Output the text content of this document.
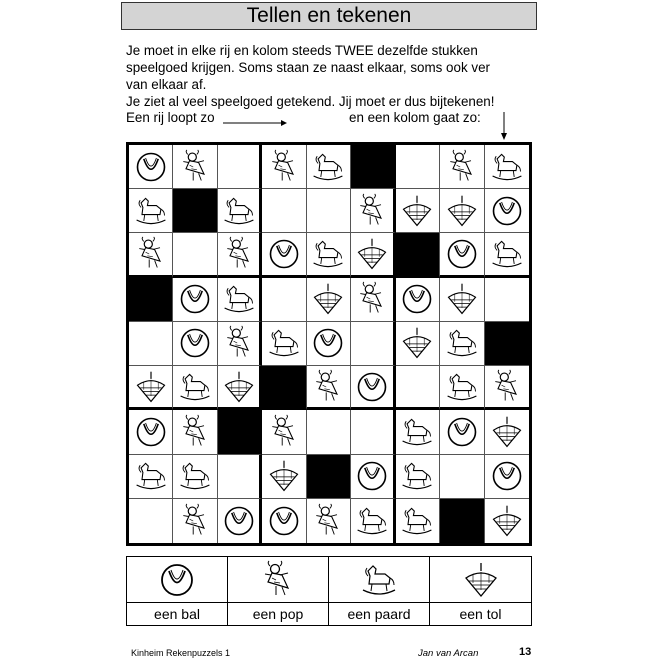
Tellen en tekenen

Je moet in elke rij en kolom steeds TWEE dezelfde stukken

speelgoed krijgen. Soms staan ze naast elkaar, soms ook ver

van elkaar af.

Je ziet al veel speelgoed getekend. Jij moet er dus bijtekenen!

Een rij loopt zo	en een kolom gaat zo:
een bal	een pop	een paard	een tol
Kinheim Rekenpuzzels 1	Jan van Arcan	13
